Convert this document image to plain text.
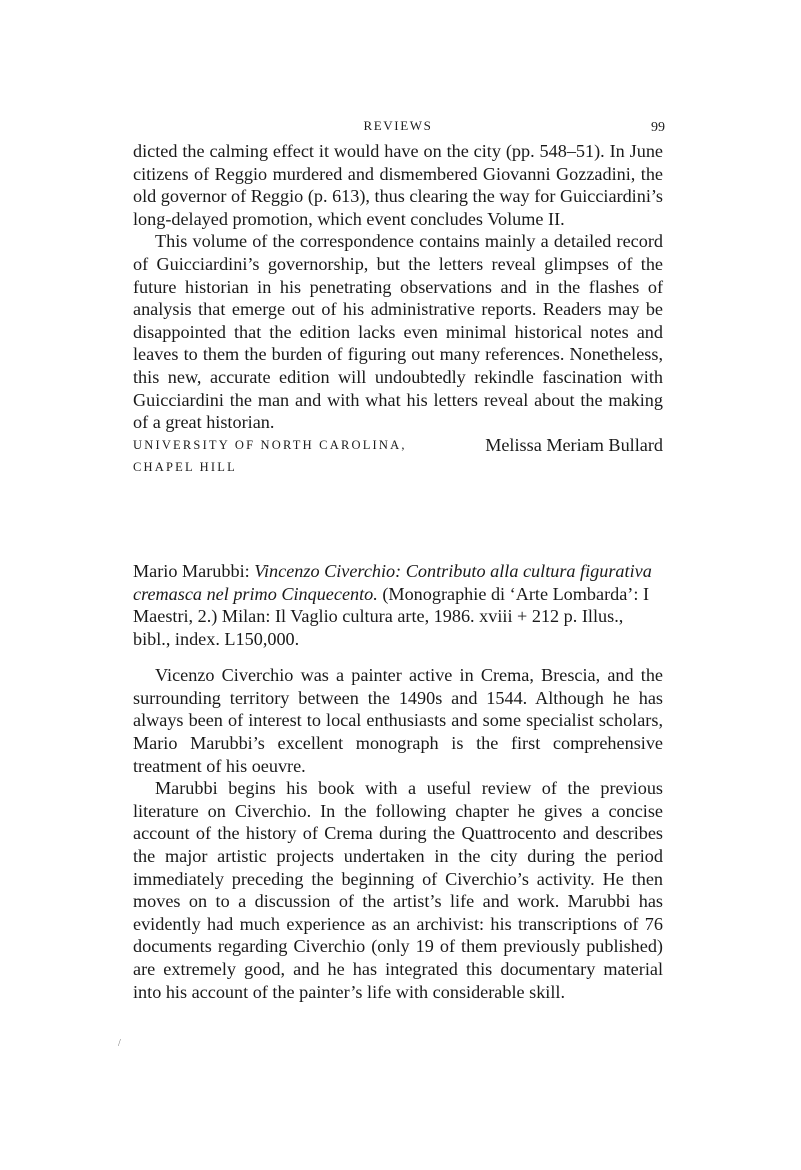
REVIEWS	99

dicted the calming effect it would have on the city (pp. 548–51). In June citizens of Reggio murdered and dismembered Giovanni Gozzadini, the old governor of Reggio (p. 613), thus clearing the way for Guicciardini’s long-delayed promotion, which event concludes Volume II.

This volume of the correspondence contains mainly a detailed record of Guicciardini’s governorship, but the letters reveal glimpses of the future historian in his penetrating observations and in the flashes of analysis that emerge out of his administrative reports. Readers may be disappointed that the edition lacks even minimal historical notes and leaves to them the burden of figuring out many references. Nonetheless, this new, accurate edition will undoubtedly rekindle fascination with Guicciardini the man and with what his letters reveal about the making of a great historian.

UNIVERSITY OF NORTH CAROLINA,
CHAPEL HILL
Melissa Meriam Bullard

Mario Marubbi: Vincenzo Civerchio: Contributo alla cultura figurativa cremasca nel primo Cinquecento. (Monographie di ‘Arte Lombarda’: I Maestri, 2.) Milan: Il Vaglio cultura arte, 1986. xviii + 212 p. Illus., bibl., index. L150,000.

Vicenzo Civerchio was a painter active in Crema, Brescia, and the surrounding territory between the 1490s and 1544. Although he has always been of interest to local enthusiasts and some specialist scholars, Mario Marubbi’s excellent monograph is the first comprehensive treatment of his oeuvre.

Marubbi begins his book with a useful review of the previous literature on Civerchio. In the following chapter he gives a concise account of the history of Crema during the Quattrocento and describes the major artistic projects undertaken in the city during the period immediately preceding the beginning of Civerchio’s activity. He then moves on to a discussion of the artist’s life and work. Marubbi has evidently had much experience as an archivist: his transcriptions of 76 documents regarding Civerchio (only 19 of them previously published) are extremely good, and he has integrated this documentary material into his account of the painter’s life with considerable skill.

/
